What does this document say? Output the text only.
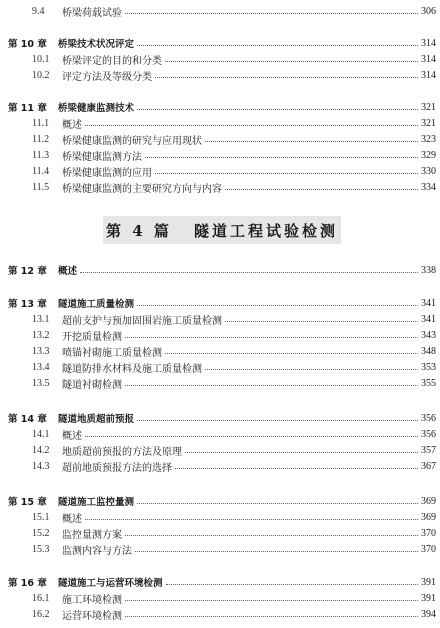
9.4	桥梁荷载试验	306
第 10 章	桥梁技术状况评定	314
10.1	桥梁评定的目的和分类	314
10.2	评定方法及等级分类	314
第 11 章	桥梁健康监测技术	321
11.1	概述	321
11.2	桥梁健康监测的研究与应用现状	323
11.3	桥梁健康监测方法	329
11.4	桥梁健康监测的应用	330
11.5	桥梁健康监测的主要研究方向与内容	334
第 4 篇 隧道工程试验检测
第 12 章	概述	338
第 13 章	隧道施工质量检测	341
13.1	超前支护与预加固围岩施工质量检测	341
13.2	开挖质量检测	343
13.3	喷锚衬砌施工质量检测	348
13.4	隧道防排水材料及施工质量检测	353
13.5	隧道衬砌检测	355
第 14 章	隧道地质超前预报	356
14.1	概述	356
14.2	地质超前预报的方法及原理	357
14.3	超前地质预报方法的选择	367
第 15 章	隧道施工监控量测	369
15.1	概述	369
15.2	监控量测方案	370
15.3	监测内容与方法	370
第 16 章	隧道施工与运营环境检测	391
16.1	施工环境检测	391
16.2	运营环境检测	394
